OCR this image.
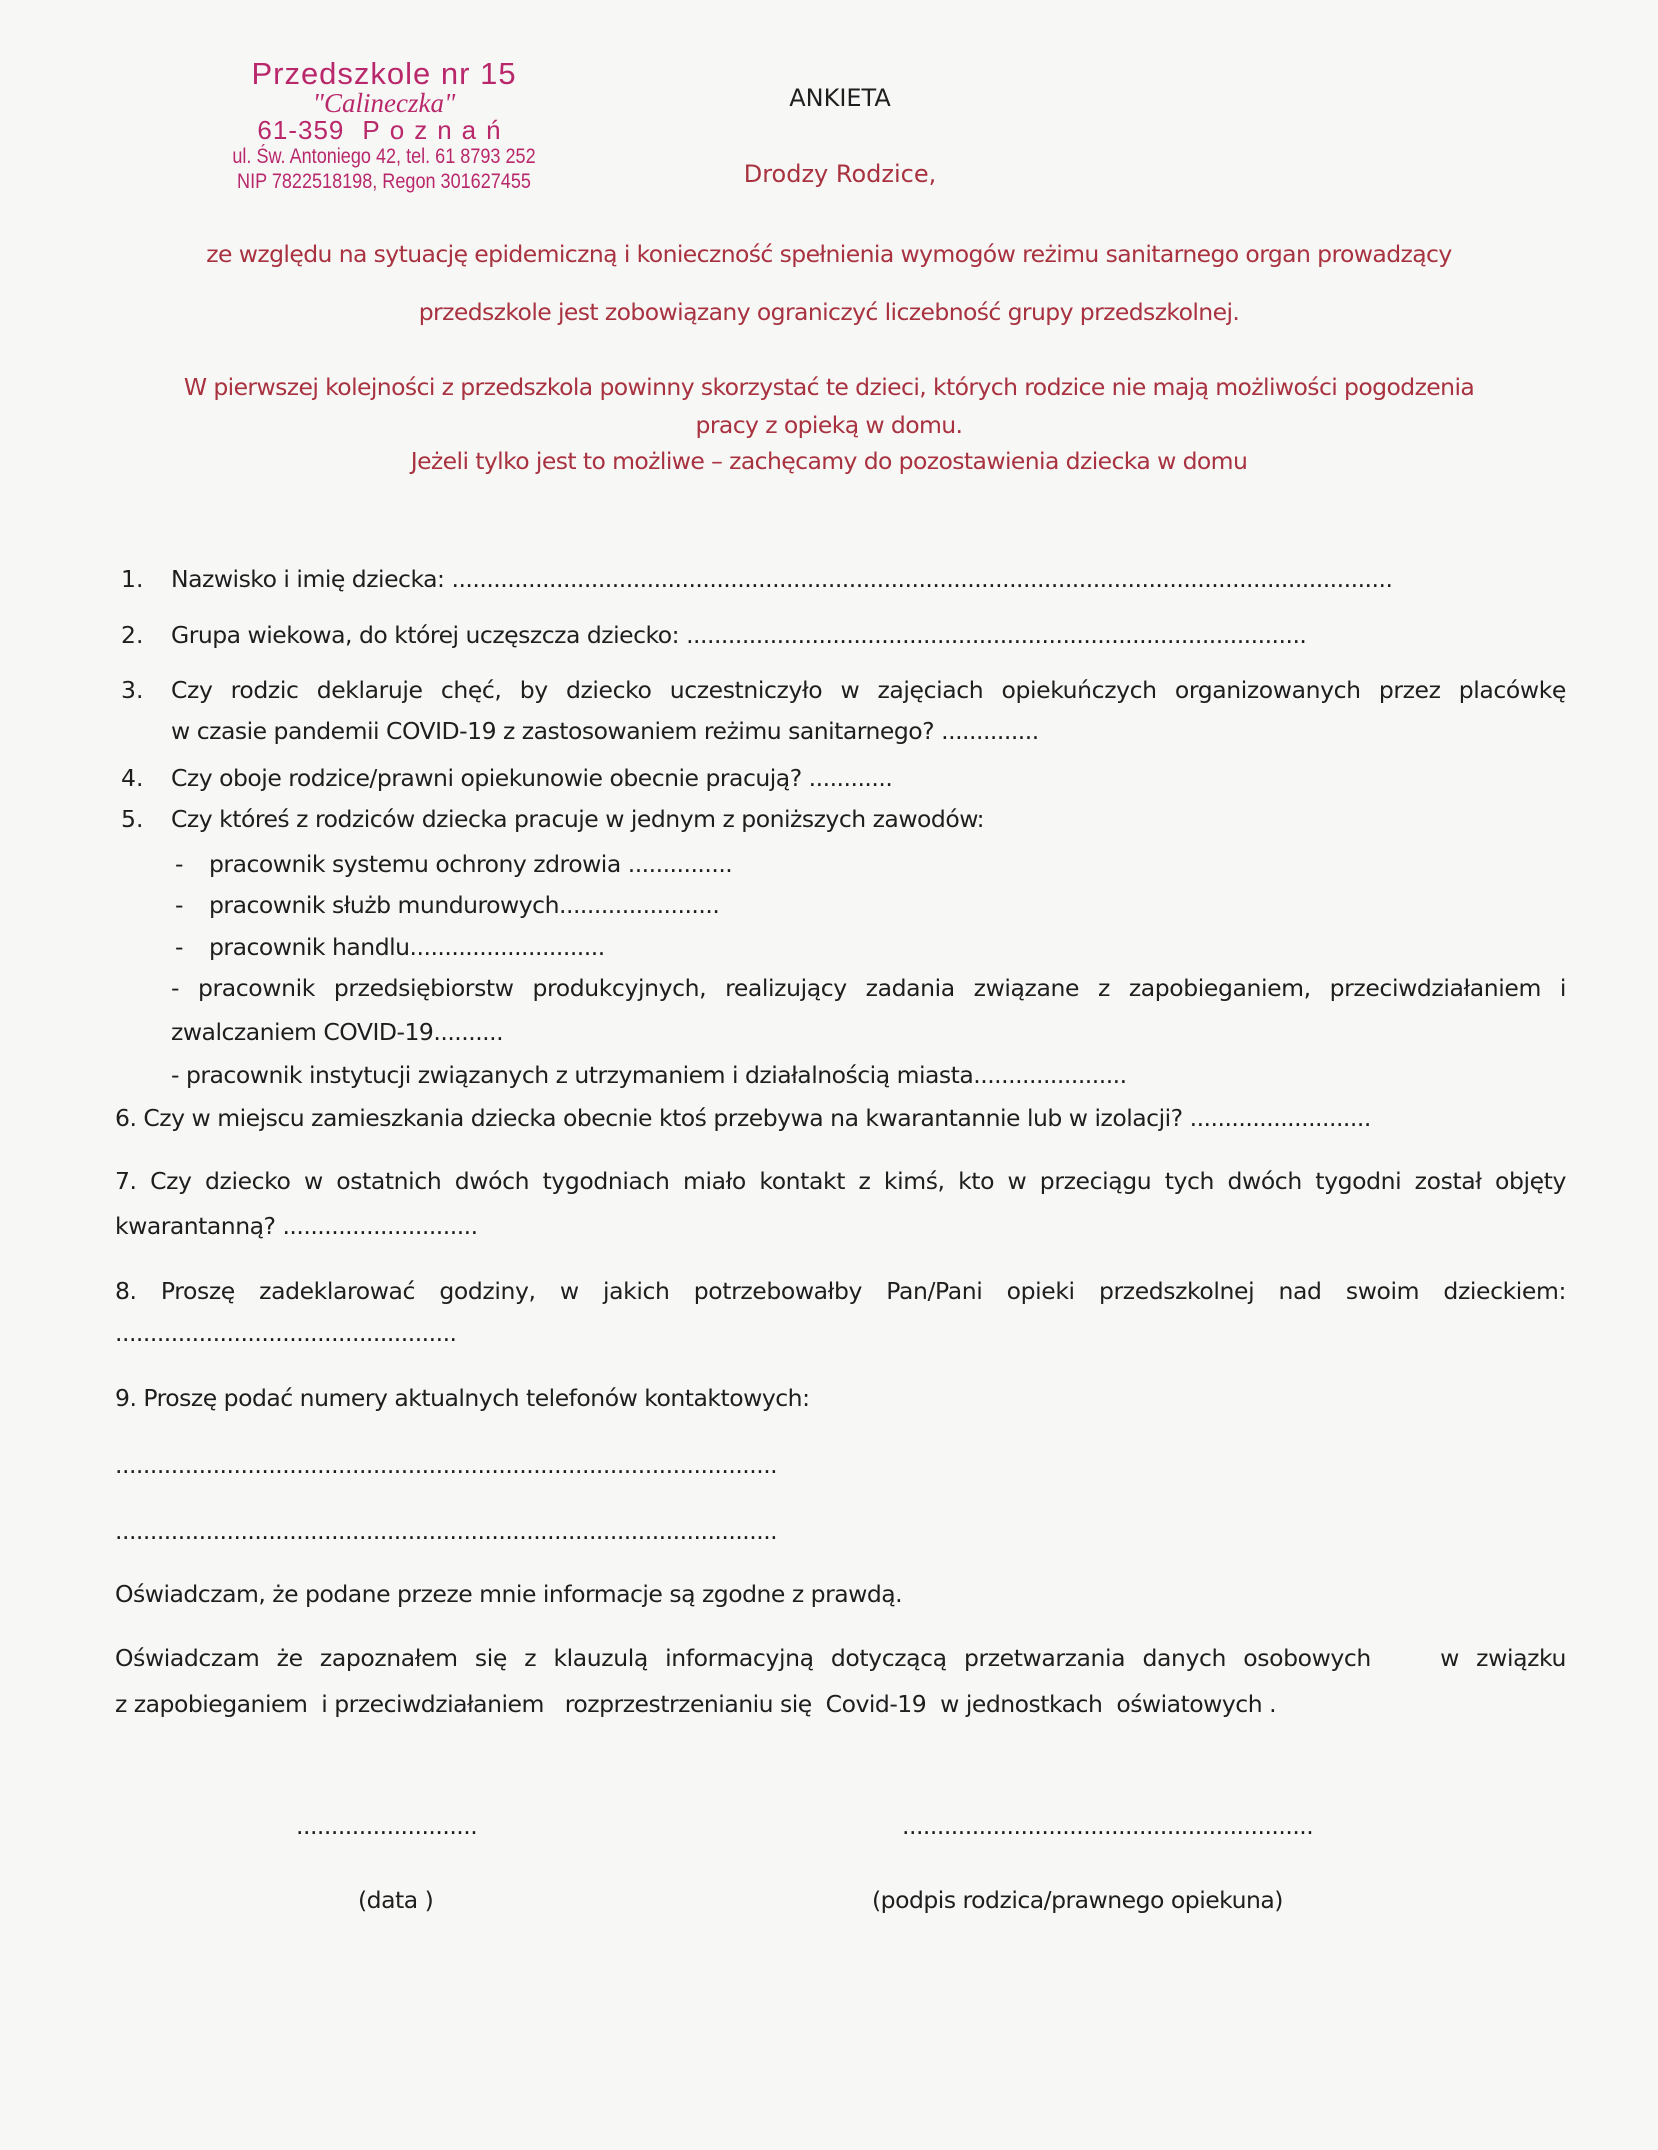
Przedszkole nr 15
"Calineczka"
61-359 Poznań
ul. Św. Antoniego 42, tel. 61 8793 252
NIP 7822518198, Regon 301627455
ANKIETA
Drodzy Rodzice,
ze względu na sytuację epidemiczną i konieczność spełnienia wymogów reżimu sanitarnego organ prowadzący
przedszkole jest zobowiązany ograniczyć liczebność grupy przedszkolnej.
W pierwszej kolejności z przedszkola powinny skorzystać te dzieci, których rodzice nie mają możliwości pogodzenia
pracy z opieką w domu.
Jeżeli tylko jest to możliwe – zachęcamy do pozostawienia dziecka w domu
1. Nazwisko i imię dziecka: .......................................................................................................................................
2. Grupa wiekowa, do której uczęszcza dziecko: .........................................................................................
3. Czy rodzic deklaruje chęć, by dziecko uczestniczyło w zajęciach opiekuńczych organizowanych przez placówkę
w czasie pandemii COVID-19 z zastosowaniem reżimu sanitarnego? ..............
4. Czy oboje rodzice/prawni opiekunowie obecnie pracują? ............
5. Czy któreś z rodziców dziecka pracuje w jednym z poniższych zawodów:
- pracownik systemu ochrony zdrowia ...............
- pracownik służb mundurowych.......................
- pracownik handlu............................
- pracownik przedsiębiorstw produkcyjnych, realizujący zadania związane z zapobieganiem, przeciwdziałaniem i
zwalczaniem COVID-19..........
- pracownik instytucji związanych z utrzymaniem i działalnością miasta......................
6. Czy w miejscu zamieszkania dziecka obecnie ktoś przebywa na kwarantannie lub w izolacji? ..........................
7. Czy dziecko w ostatnich dwóch tygodniach miało kontakt z kimś, kto w przeciągu tych dwóch tygodni został objęty
kwarantanną? ............................
8. Proszę zadeklarować godziny, w jakich potrzebowałby Pan/Pani opieki przedszkolnej nad swoim dzieckiem:
.................................................
9. Proszę podać numery aktualnych telefonów kontaktowych:
...............................................................................................
...............................................................................................
Oświadczam, że podane przeze mnie informacje są zgodne z prawdą.
Oświadczam że zapoznałem się z klauzulą informacyjną dotyczącą przetwarzania danych osobowych    w związku
z zapobieganiem  i przeciwdziałaniem   rozprzestrzenianiu się  Covid-19  w jednostkach  oświatowych .
..........................	...........................................................
(data )	(podpis rodzica/prawnego opiekuna)
